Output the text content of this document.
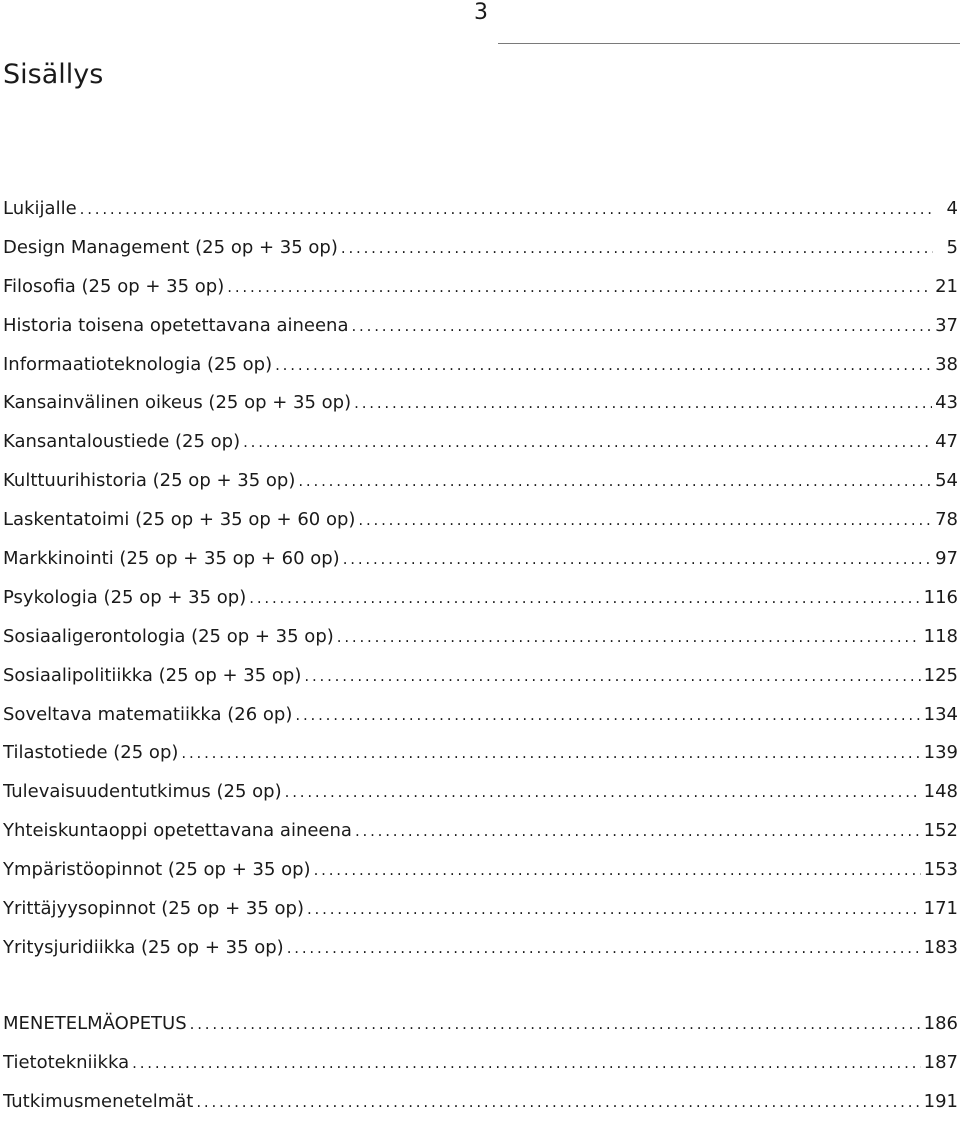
3
Sisällys
Lukijalle .....	4
Design Management (25 op + 35 op) .....	5
Filosofia (25 op + 35 op) .....	21
Historia toisena opetettavana aineena .....	37
Informaatioteknologia (25 op) .....	38
Kansainvälinen oikeus (25 op + 35 op) .....	43
Kansantaloustiede (25 op) .....	47
Kulttuurihistoria (25 op + 35 op) .....	54
Laskentatoimi (25 op + 35 op + 60 op) .....	78
Markkinointi (25 op + 35 op + 60 op) .....	97
Psykologia (25 op + 35 op) .....	116
Sosiaaligerontologia (25 op + 35 op) .....	118
Sosiaalipolitiikka (25 op + 35 op) .....	125
Soveltava matematiikka (26 op) .....	134
Tilastotiede (25 op) .....	139
Tulevaisuudentutkimus (25 op) .....	148
Yhteiskuntaoppi opetettavana aineena .....	152
Ympäristöopinnot (25 op + 35 op) .....	153
Yrittäjyysopinnot (25 op + 35 op) .....	171
Yritysjuridiikka (25 op + 35 op) .....	183
MENETELMÄOPETUS .....	186
Tietotekniikka .....	187
Tutkimusmenetelmät .....	191
